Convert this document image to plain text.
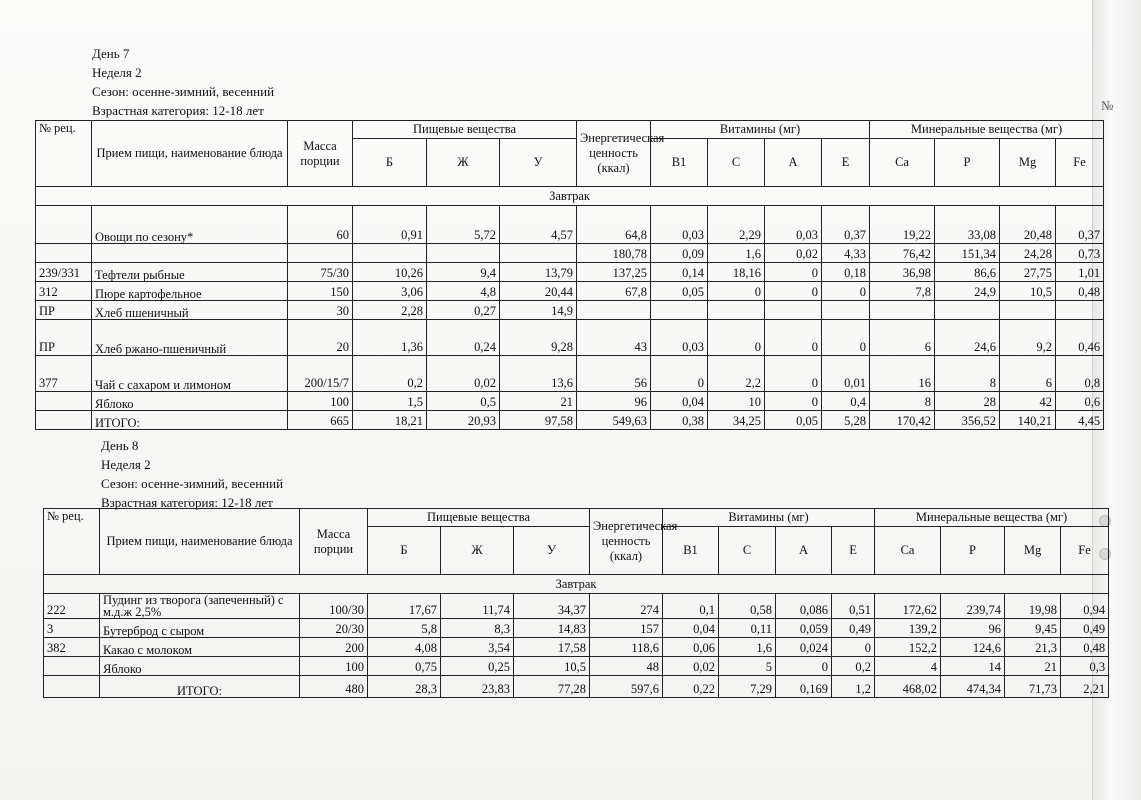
№
День 7
Неделя 2
Сезон: осенне-зимний, весенний
Взрастная категория: 12-18 лет
№ рец.	Прием пищи, наименование блюда	Масса порции	Пищевые вещества			Энергетическая ценность (ккал)	Витамины (мг)				Минеральные вещества (мг)			
			Б	Ж	У		B1	C	A	E	Ca	P	Mg	Fe
Завтрак														
	Овощи по сезону*	60	0,91	5,72	4,57	64,8	0,03	2,29	0,03	0,37	19,22	33,08	20,48	0,37
						180,78	0,09	1,6	0,02	4,33	76,42	151,34	24,28	0,73
239/331	Тефтели рыбные	75/30	10,26	9,4	13,79	137,25	0,14	18,16	0	0,18	36,98	86,6	27,75	1,01
312	Пюре картофельное	150	3,06	4,8	20,44	67,8	0,05	0	0	0	7,8	24,9	10,5	0,48
ПР	Хлеб пшеничный	30	2,28	0,27	14,9									
ПР	Хлеб ржано-пшеничный	20	1,36	0,24	9,28	43	0,03	0	0	0	6	24,6	9,2	0,46
377	Чай с сахаром и лимоном	200/15/7	0,2	0,02	13,6	56	0	2,2	0	0,01	16	8	6	0,8
	Яблоко	100	1,5	0,5	21	96	0,04	10	0	0,4	8	28	42	0,6
	ИТОГО:	665	18,21	20,93	97,58	549,63	0,38	34,25	0,05	5,28	170,42	356,52	140,21	4,45
День 8
Неделя 2
Сезон: осенне-зимний, весенний
Взрастная категория: 12-18 лет
№ рец.	Прием пищи, наименование блюда	Масса порции	Пищевые вещества			Энергетическая ценность (ккал)	Витамины (мг)				Минеральные вещества (мг)			
			Б	Ж	У		B1	C	A	E	Ca	P	Mg	Fe
Завтрак														
222	Пудинг из творога (запеченный) с м.д.ж 2,5%	100/30	17,67	11,74	34,37	274	0,1	0,58	0,086	0,51	172,62	239,74	19,98	0,94
3	Бутерброд с сыром	20/30	5,8	8,3	14,83	157	0,04	0,11	0,059	0,49	139,2	96	9,45	0,49
382	Какао с молоком	200	4,08	3,54	17,58	118,6	0,06	1,6	0,024	0	152,2	124,6	21,3	0,48
	Яблоко	100	0,75	0,25	10,5	48	0,02	5	0	0,2	4	14	21	0,3
	ИТОГО:	480	28,3	23,83	77,28	597,6	0,22	7,29	0,169	1,2	468,02	474,34	71,73	2,21
